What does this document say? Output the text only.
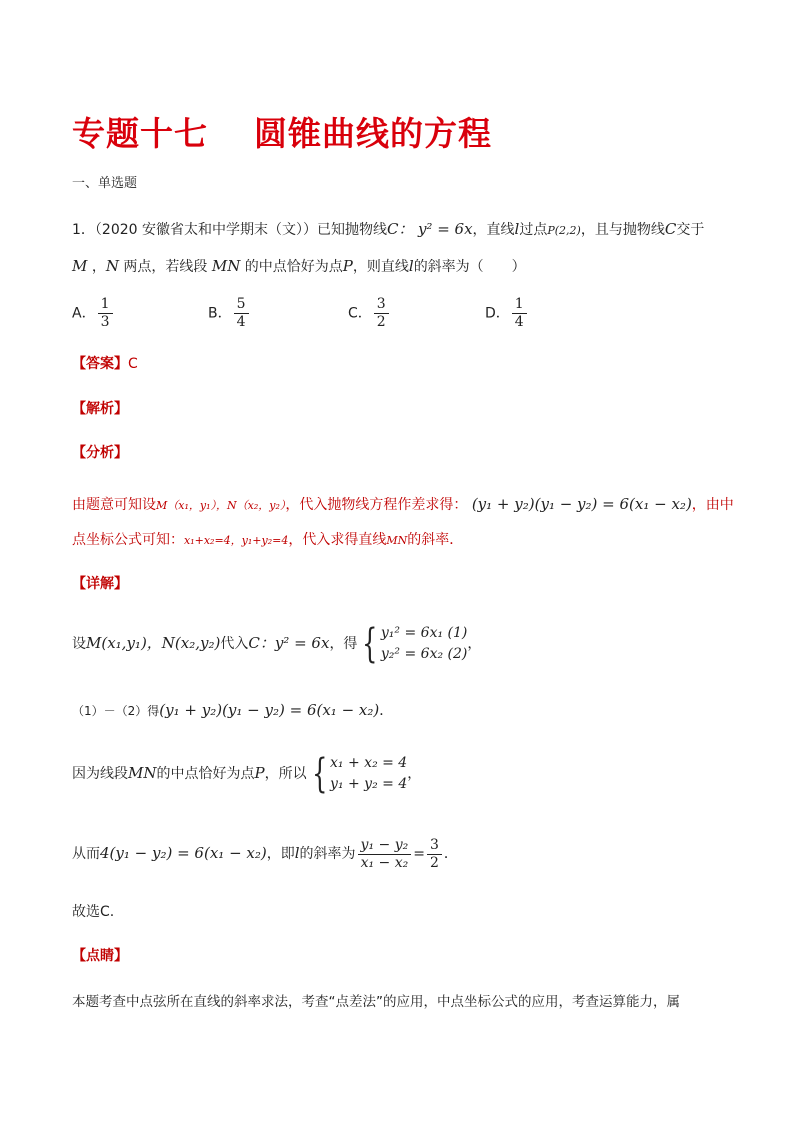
专题十七 圆锥曲线的方程
一、单选题
1．（2020 安徽省太和中学期末（文））已知抛物线C： y² = 6x，直线l过点P(2,2)，且与抛物线C交于
M ，N 两点，若线段 MN 的中点恰好为点P，则直线l的斜率为（　　）
A． $\frac{1}{3}$	B． $\frac{5}{4}$	C． $\frac{3}{2}$	D． $\frac{1}{4}$
【答案】C
【解析】
【分析】
由题意可知设M（x₁，y₁），N（x₂，y₂），代入抛物线方程作差求得： (y₁ + y₂)(y₁ − y₂) = 6(x₁ − x₂)，由中
点坐标公式可知：x₁+x₂=4，y₁+y₂=4，代入求得直线MN的斜率．
【详解】
设M(x₁,y₁)，N(x₂,y₂)代入C：y² = 6x，得 { y₁² = 6x₁ (1)
y₂² = 6x₂ (2)
，
（1）－（2）得(y₁ + y₂)(y₁ − y₂) = 6(x₁ − x₂)．
因为线段MN的中点恰好为点P，所以 { x₁ + x₂ = 4
y₁ + y₂ = 4
，
从而4(y₁ − y₂) = 6(x₁ − x₂)，即l的斜率为 $\frac{\text{y₁ − y₂}}{\text{x₁ − x₂}} = \frac{3}{2}$ ．
故选C.
【点睛】
本题考查中点弦所在直线的斜率求法，考查“点差法”的应用，中点坐标公式的应用，考查运算能力，属
